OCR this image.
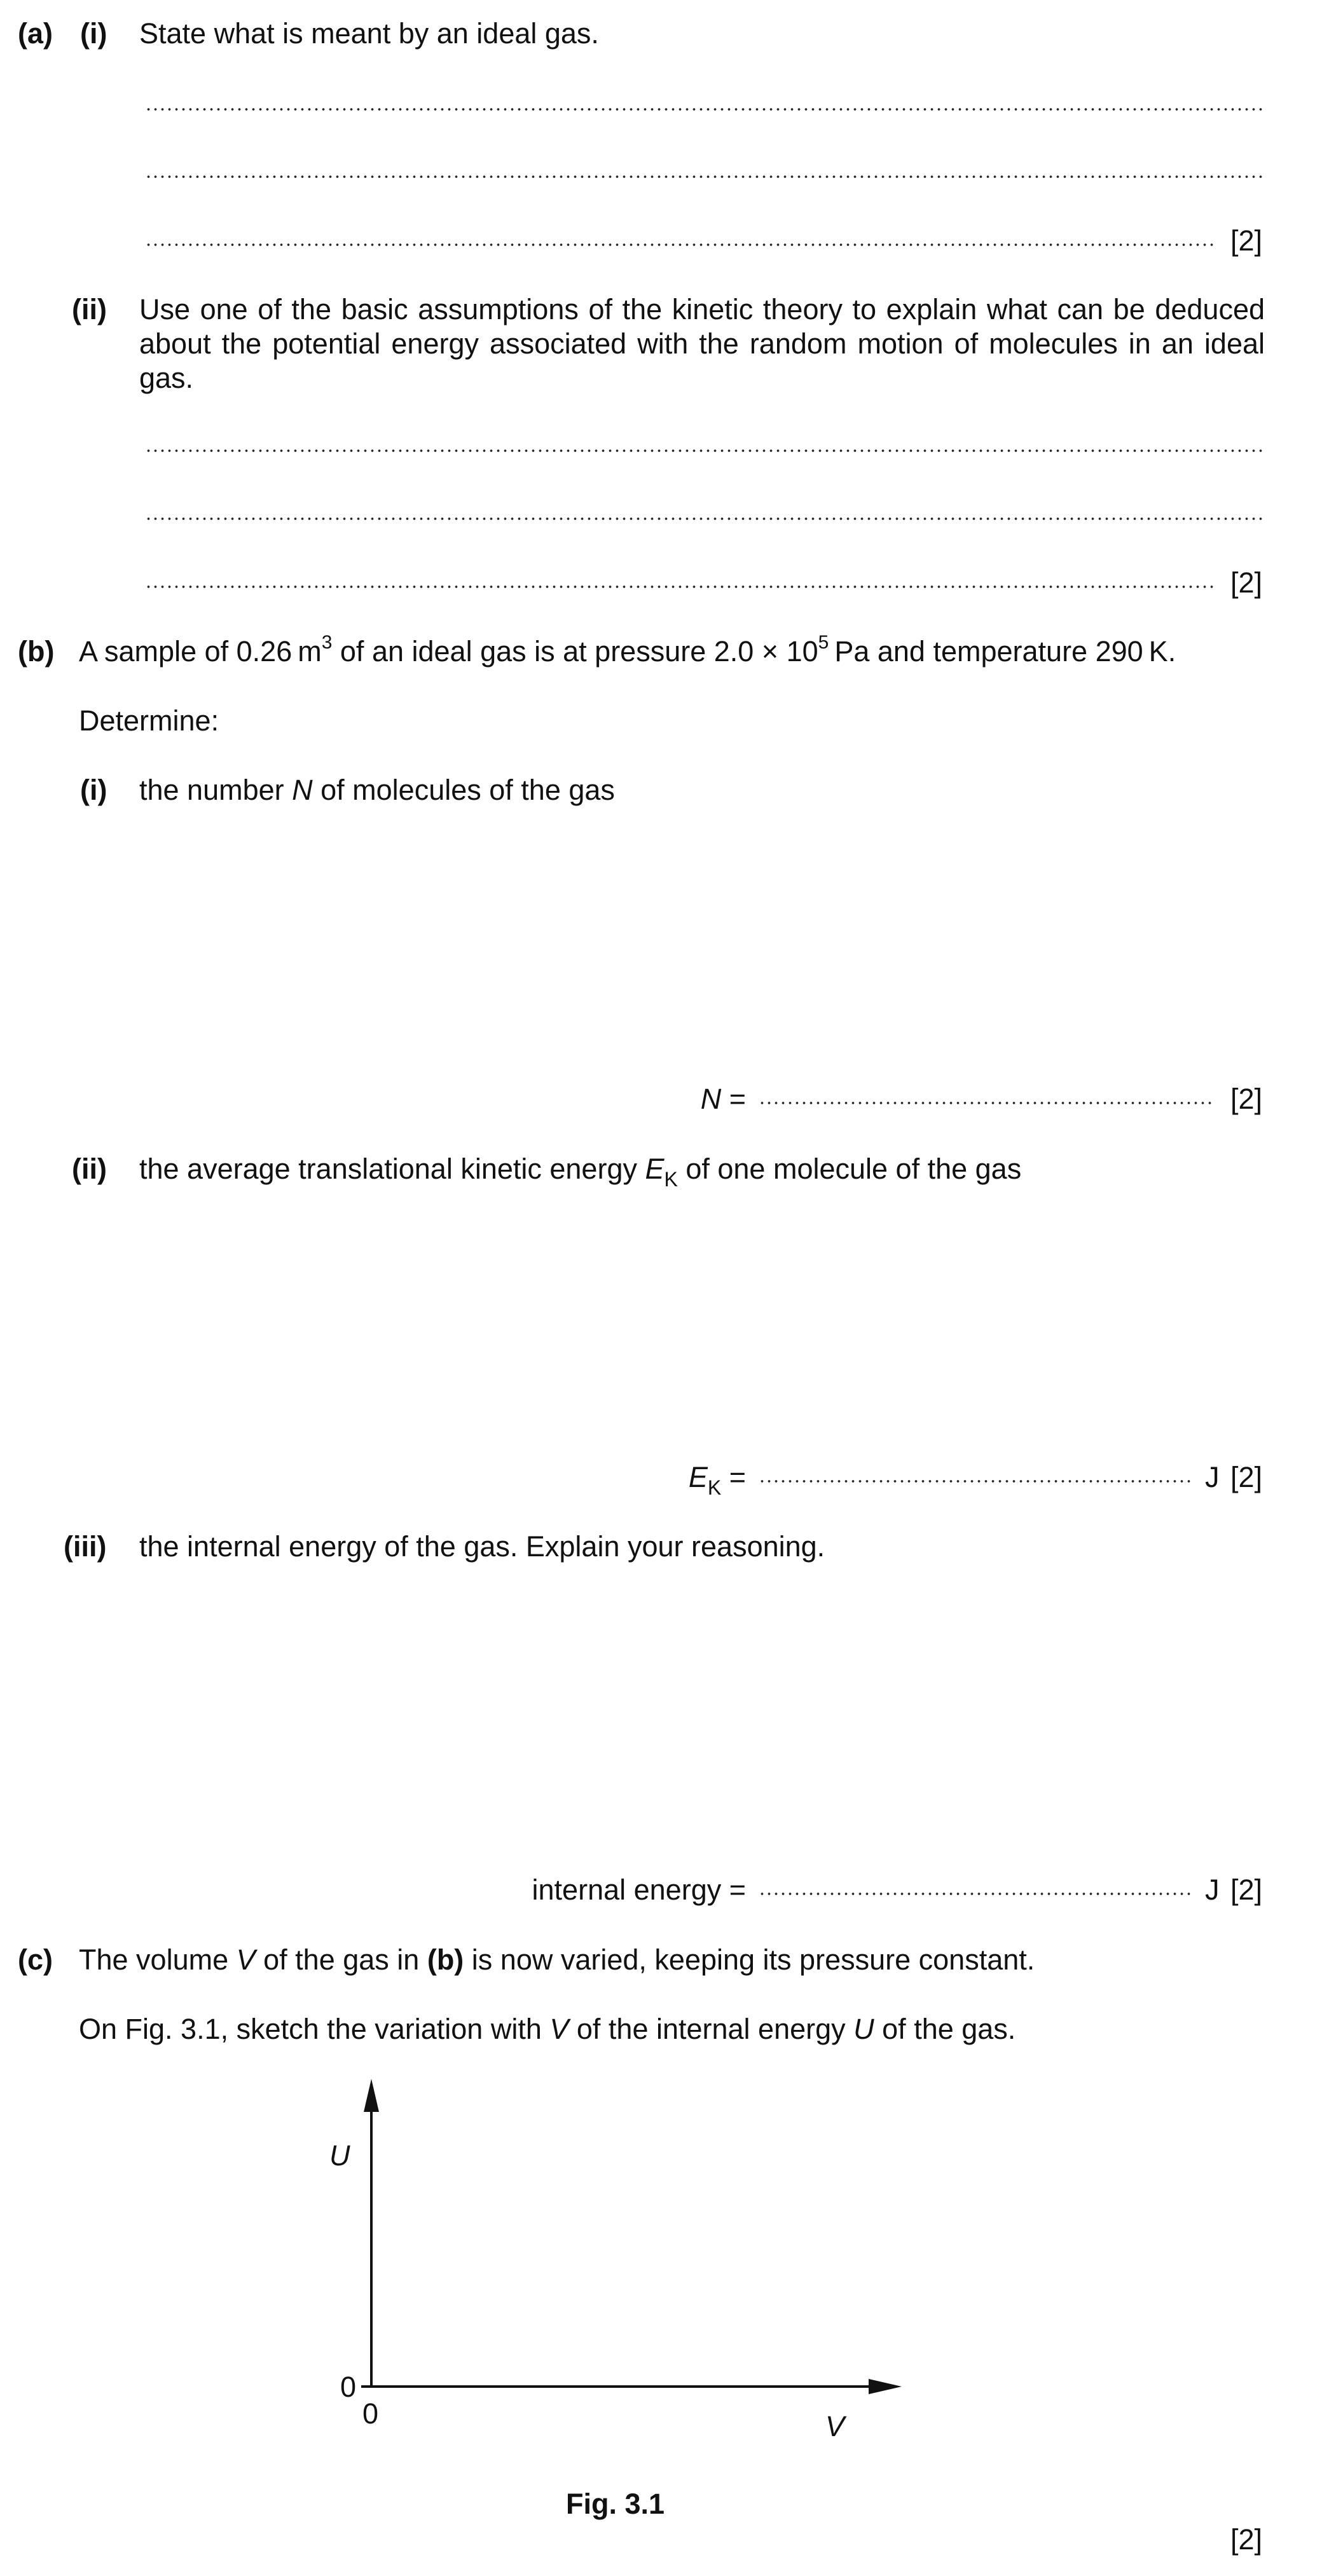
(a) (i) State what is meant by an ideal gas.
[2]
(ii) Use one of the basic assumptions of the kinetic theory to explain what can be deduced about the potential energy associated with the random motion of molecules in an ideal gas.
[2]
(b) A sample of 0.26 $m^3$ of an ideal gas is at pressure $2.0 \times 10^5$ Pa and temperature 290 K.
Determine:
(i) the number N of molecules of the gas
N =	[2]
(ii) the average translational kinetic energy $E_K$ of one molecule of the gas
$E_K$ =	J [2]
(iii) the internal energy of the gas. Explain your reasoning.
internal energy =	J [2]
(c) The volume V of the gas in (b) is now varied, keeping its pressure constant.
On Fig. 3.1, sketch the variation with V of the internal energy U of the gas.
U
0
0	V
Fig. 3.1
[2]
